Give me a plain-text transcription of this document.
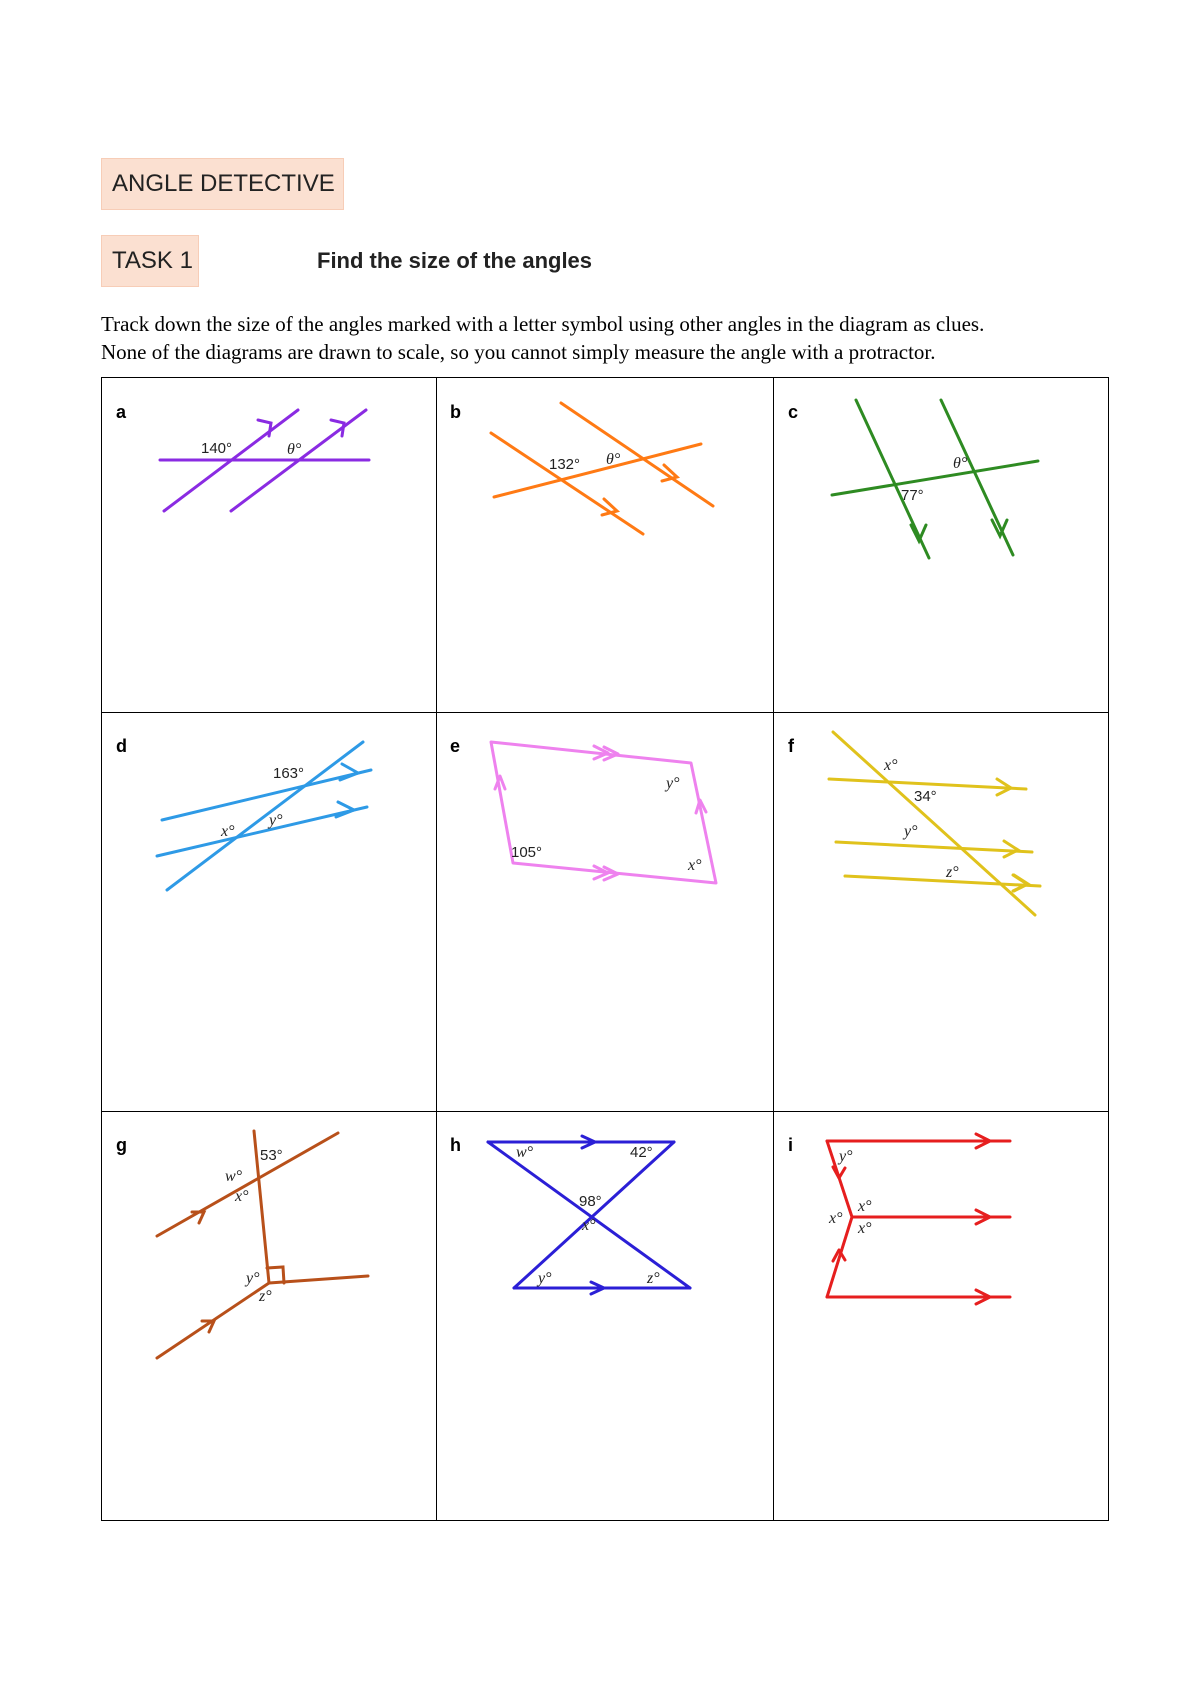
ANGLE DETECTIVE
TASK 1	Find the size of the angles
Track down the size of the angles marked with a letter symbol using other angles in the diagram as clues.
None of the diagrams are drawn to scale, so you cannot simply measure the angle with a protractor.
a	b	c
d	e	f
g	h	i
140°	θ°
132° θ°
77°
θ°
163°
x°
y°
105°
y°
x°
x°
34°
y°
z°
53°
w°
x°
y°
z°
w°	42°
98°
x°
y°	z°
y°
x°
x°
x°
